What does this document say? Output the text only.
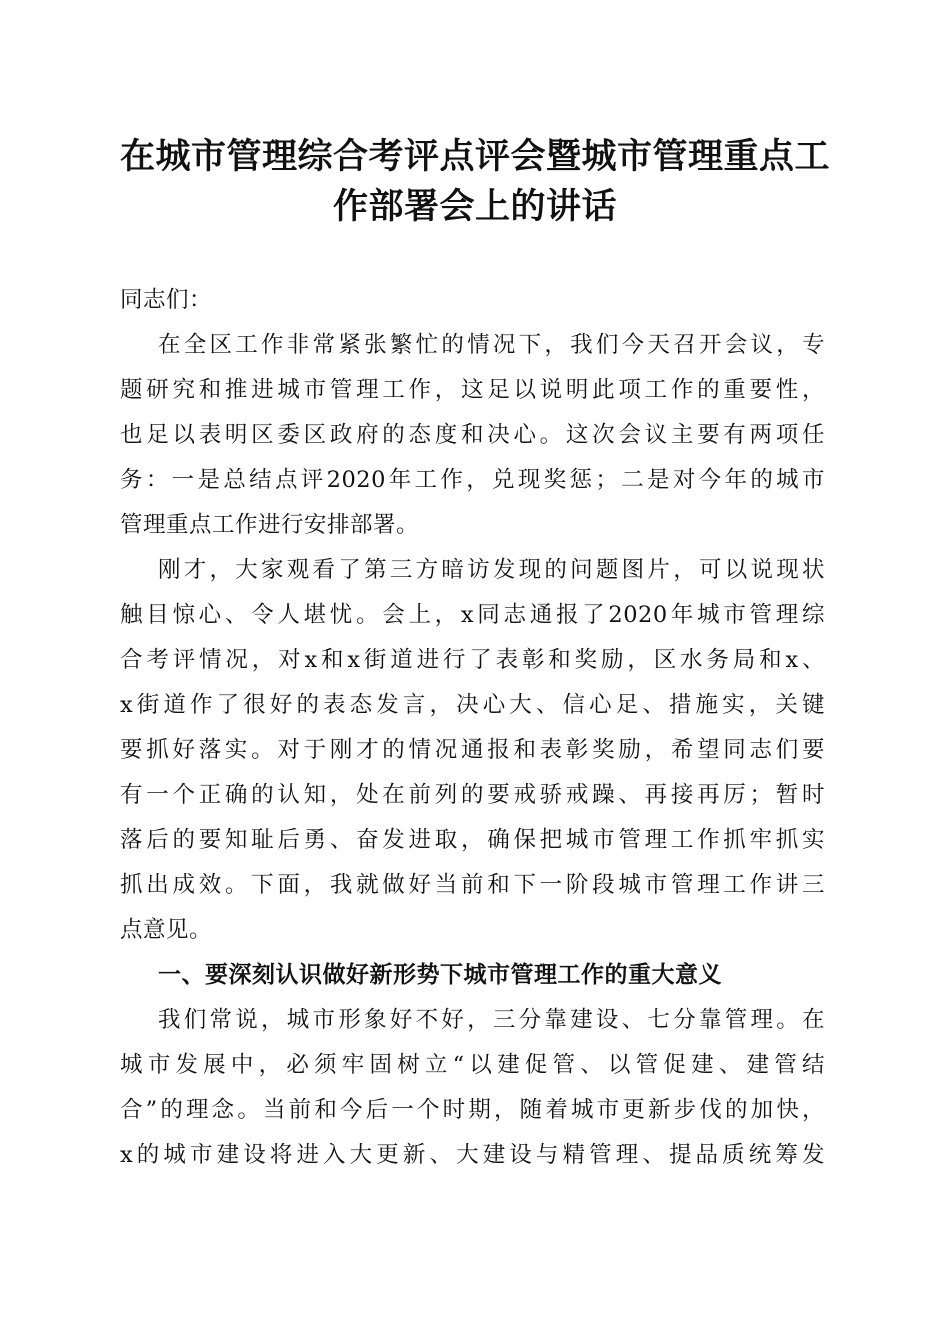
在城市管理综合考评点评会暨城市管理重点工
作部署会上的讲话
同志们：
在全区工作非常紧张繁忙的情况下，我们今天召开会议，专
题研究和推进城市管理工作，这足以说明此项工作的重要性，
也足以表明区委区政府的态度和决心。这次会议主要有两项任
务：一是总结点评2020年工作，兑现奖惩；二是对今年的城市
管理重点工作进行安排部署。
刚才，大家观看了第三方暗访发现的问题图片，可以说现状
触目惊心、令人堪忧。会上，x同志通报了2020年城市管理综
合考评情况，对x和x街道进行了表彰和奖励，区水务局和x、
x街道作了很好的表态发言，决心大、信心足、措施实，关键
要抓好落实。对于刚才的情况通报和表彰奖励，希望同志们要
有一个正确的认知，处在前列的要戒骄戒躁、再接再厉；暂时
落后的要知耻后勇、奋发进取，确保把城市管理工作抓牢抓实
抓出成效。下面，我就做好当前和下一阶段城市管理工作讲三
点意见。
一、要深刻认识做好新形势下城市管理工作的重大意义
我们常说，城市形象好不好，三分靠建设、七分靠管理。在
城市发展中，必须牢固树立“以建促管、以管促建、建管结
合”的理念。当前和今后一个时期，随着城市更新步伐的加快，
x的城市建设将进入大更新、大建设与精管理、提品质统筹发
